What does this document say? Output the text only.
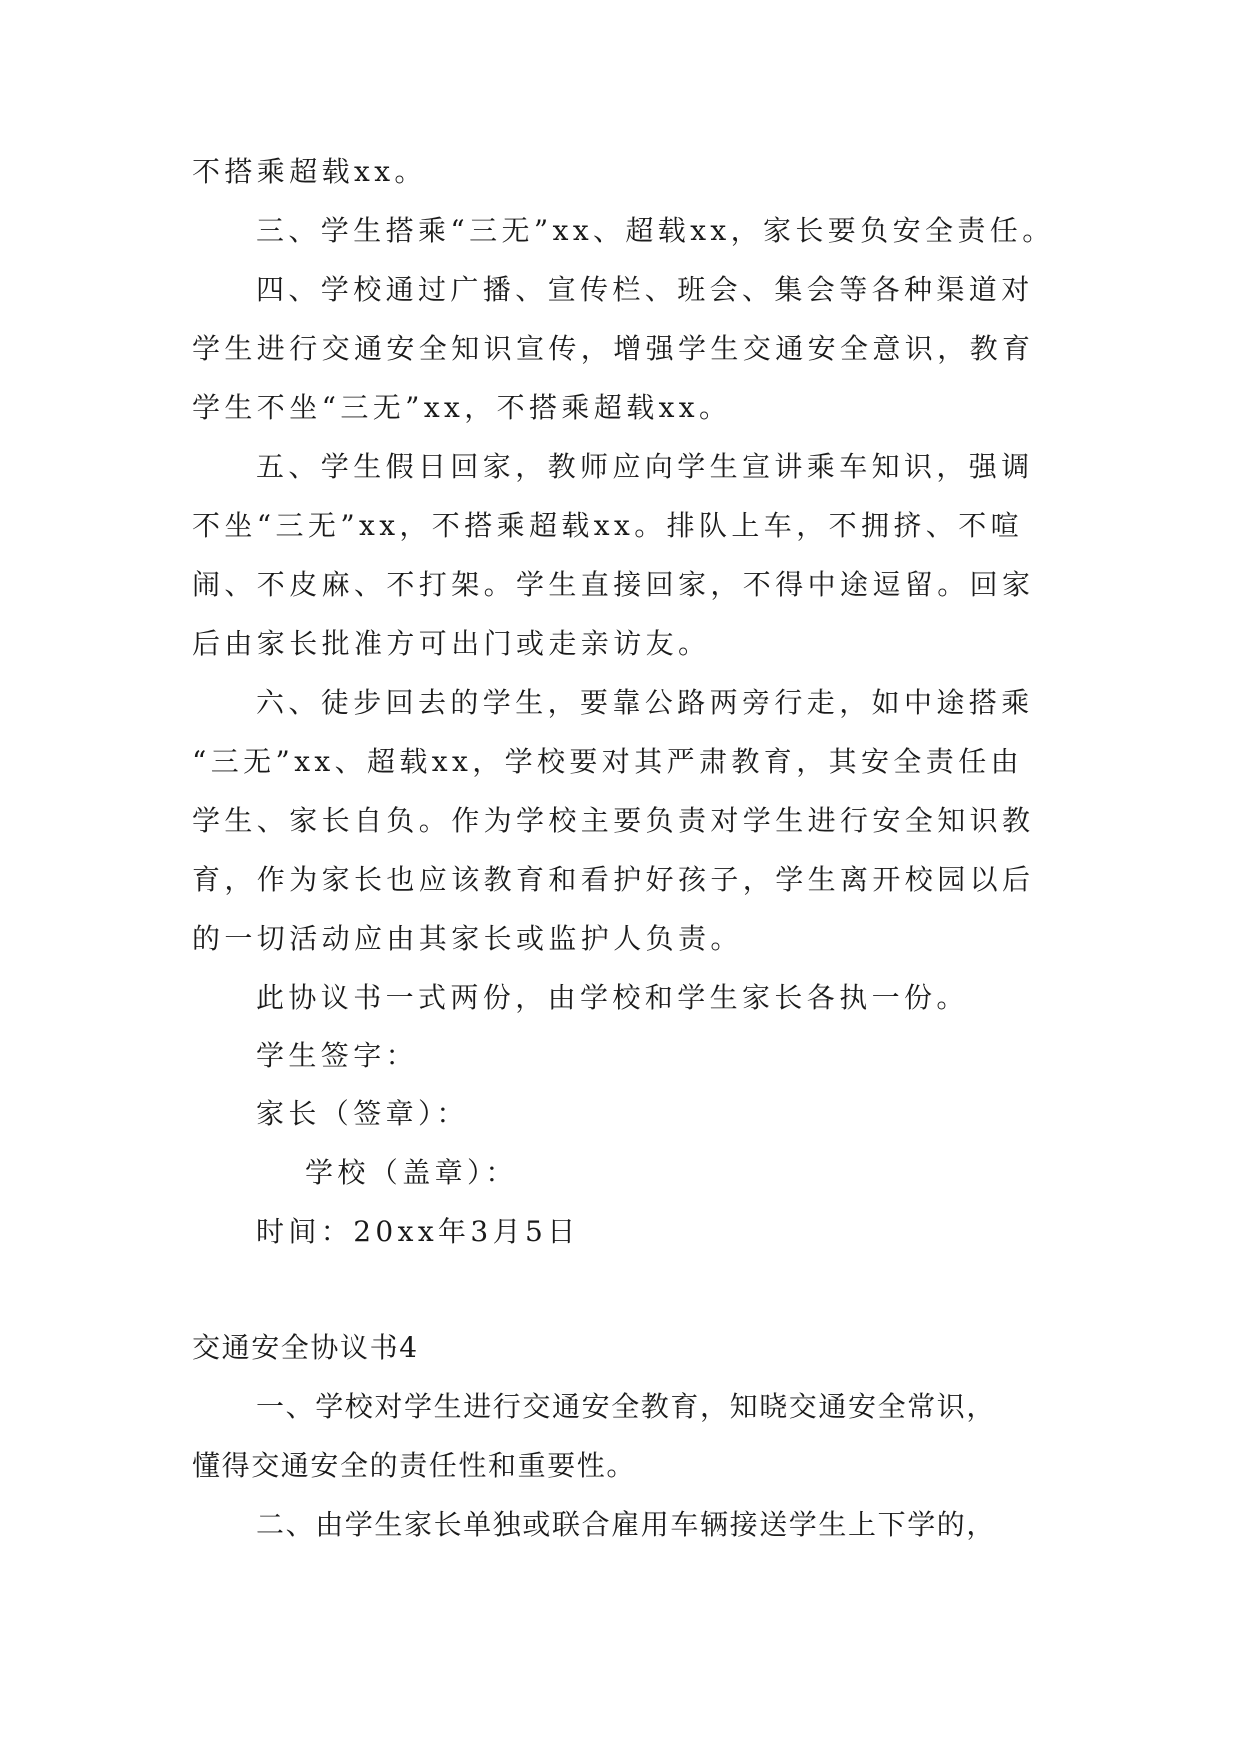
不搭乘超载xx。

三、学生搭乘“三无”xx、超载xx，家长要负安全责任。

四、学校通过广播、宣传栏、班会、集会等各种渠道对

学生进行交通安全知识宣传，增强学生交通安全意识，教育

学生不坐“三无”xx，不搭乘超载xx。

五、学生假日回家，教师应向学生宣讲乘车知识，强调

不坐“三无”xx，不搭乘超载xx。排队上车，不拥挤、不喧

闹、不皮麻、不打架。学生直接回家，不得中途逗留。回家

后由家长批准方可出门或走亲访友。

六、徒步回去的学生，要靠公路两旁行走，如中途搭乘

“三无”xx、超载xx，学校要对其严肃教育，其安全责任由

学生、家长自负。作为学校主要负责对学生进行安全知识教

育，作为家长也应该教育和看护好孩子，学生离开校园以后

的一切活动应由其家长或监护人负责。

此协议书一式两份，由学校和学生家长各执一份。

学生签字：

家长（签章）：

学校（盖章）：

时间：20xx年3月5日

交通安全协议书4

一、学校对学生进行交通安全教育，知晓交通安全常识，

懂得交通安全的责任性和重要性。

二、由学生家长单独或联合雇用车辆接送学生上下学的，
